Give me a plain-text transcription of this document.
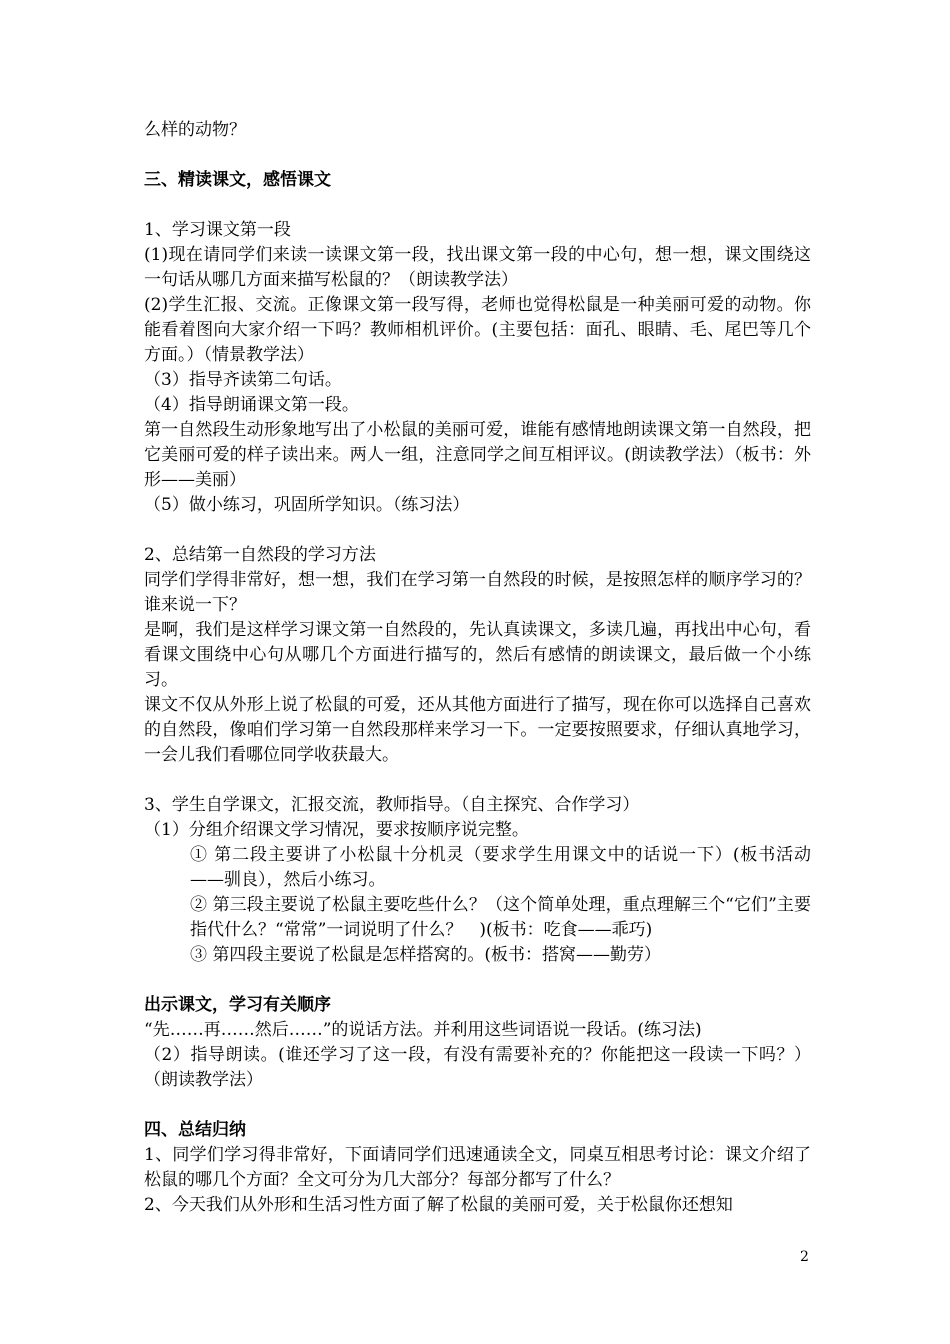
么样的动物？

三、精读课文，感悟课文

1、学习课文第一段

(1)现在请同学们来读一读课文第一段，找出课文第一段的中心句，想一想，课文围绕这一句话从哪几方面来描写松鼠的？（朗读教学法）

(2)学生汇报、交流。正像课文第一段写得，老师也觉得松鼠是一种美丽可爱的动物。你能看着图向大家介绍一下吗？教师相机评价。(主要包括：面孔、眼睛、毛、尾巴等几个方面。）（情景教学法）

（3）指导齐读第二句话。

（4）指导朗诵课文第一段。

第一自然段生动形象地写出了小松鼠的美丽可爱，谁能有感情地朗读课文第一自然段，把它美丽可爱的样子读出来。两人一组，注意同学之间互相评议。(朗读教学法）（板书：外形——美丽）

（5）做小练习，巩固所学知识。（练习法）

2、总结第一自然段的学习方法

同学们学得非常好，想一想，我们在学习第一自然段的时候，是按照怎样的顺序学习的？谁来说一下？

是啊，我们是这样学习课文第一自然段的，先认真读课文，多读几遍，再找出中心句，看看课文围绕中心句从哪几个方面进行描写的，然后有感情的朗读课文，最后做一个小练习。

课文不仅从外形上说了松鼠的可爱，还从其他方面进行了描写，现在你可以选择自己喜欢的自然段，像咱们学习第一自然段那样来学习一下。一定要按照要求，仔细认真地学习，一会儿我们看哪位同学收获最大。

3、学生自学课文，汇报交流，教师指导。（自主探究、合作学习）

（1）分组介绍课文学习情况，要求按顺序说完整。

① 第二段主要讲了小松鼠十分机灵（要求学生用课文中的话说一下）(板书活动——驯良），然后小练习。

② 第三段主要说了松鼠主要吃些什么？（这个简单处理，重点理解三个“它们”主要指代什么？“常常”一词说明了什么？　)(板书：吃食——乖巧)

③ 第四段主要说了松鼠是怎样搭窝的。(板书：搭窝——勤劳）

出示课文，学习有关顺序

“先……再……然后……”的说话方法。并利用这些词语说一段话。(练习法)

（2）指导朗读。(谁还学习了这一段，有没有需要补充的？你能把这一段读一下吗？）（朗读教学法）

四、总结归纳

1、同学们学习得非常好，下面请同学们迅速通读全文，同桌互相思考讨论：课文介绍了松鼠的哪几个方面？全文可分为几大部分？每部分都写了什么？

2、今天我们从外形和生活习性方面了解了松鼠的美丽可爱，关于松鼠你还想知

2
